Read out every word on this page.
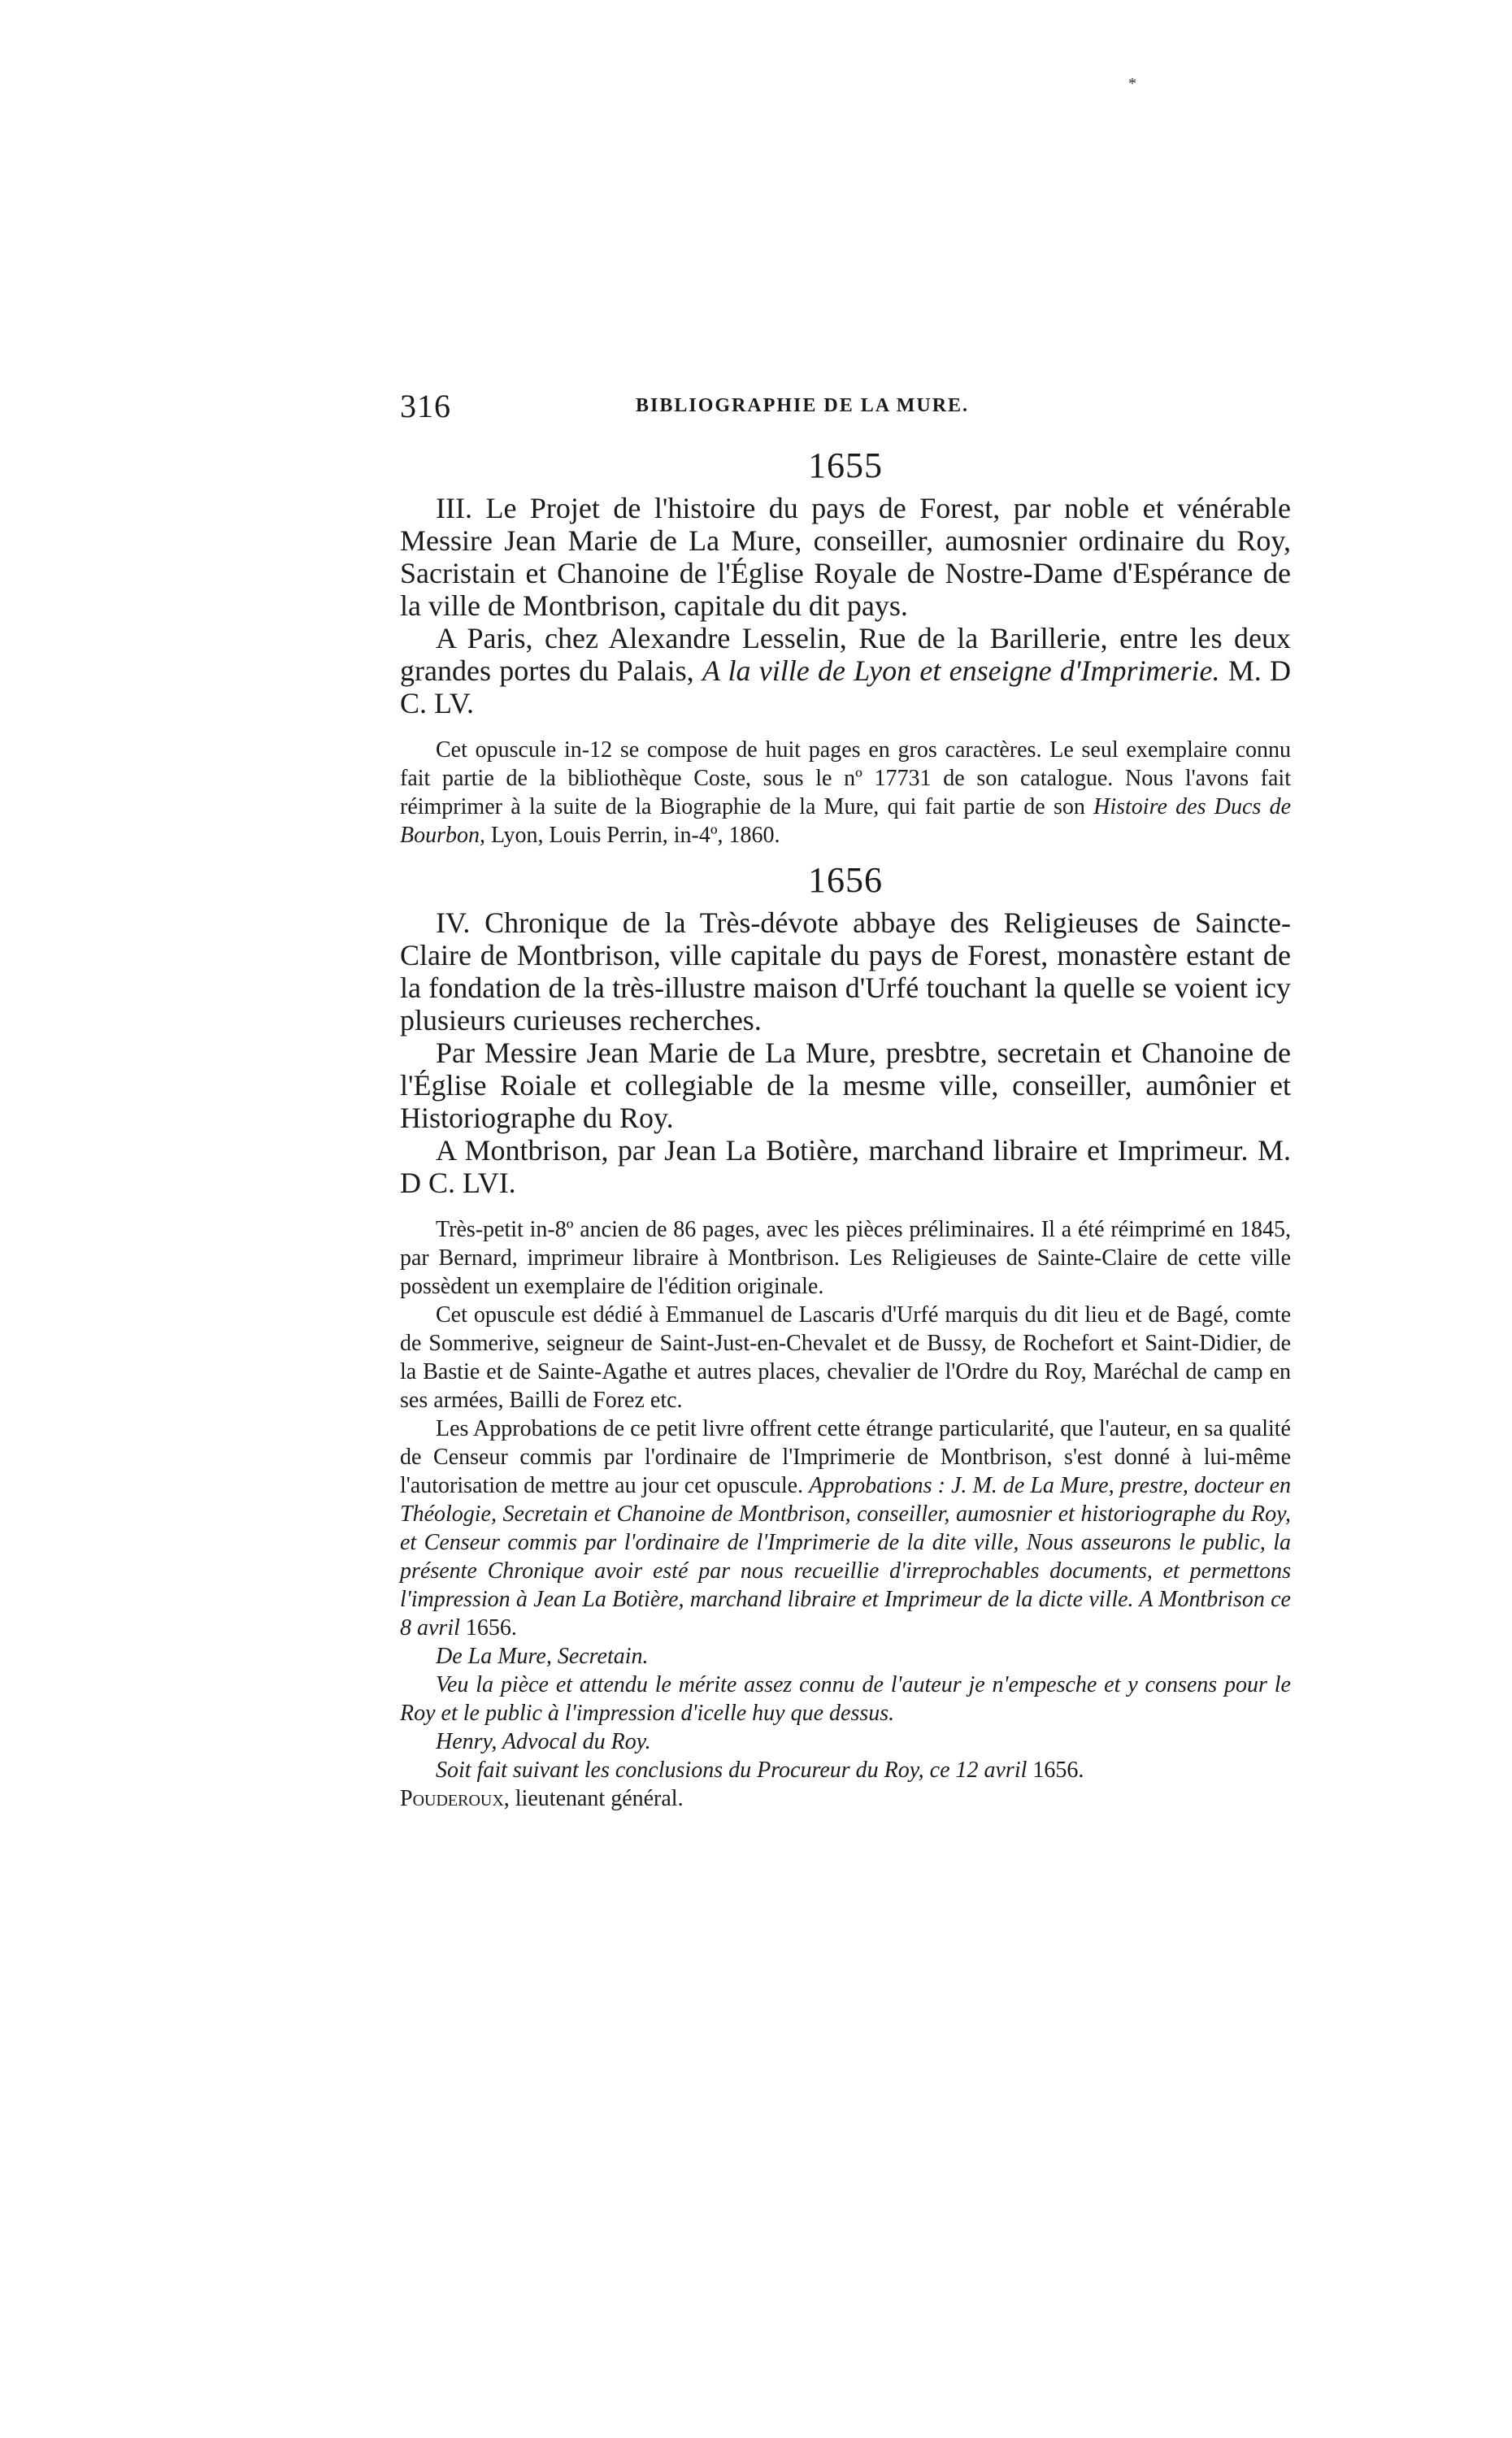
*
316	BIBLIOGRAPHIE DE LA MURE.
1655

III. Le Projet de l'histoire du pays de Forest, par noble et vénérable Messire Jean Marie de La Mure, conseiller, aumosnier ordinaire du Roy, Sacristain et Chanoine de l'Église Royale de Nostre-Dame d'Espérance de la ville de Montbrison, capitale du dit pays.

A Paris, chez Alexandre Lesselin, Rue de la Barillerie, entre les deux grandes portes du Palais, A la ville de Lyon et enseigne d'Imprimerie. M. D C. LV.

Cet opuscule in-12 se compose de huit pages en gros caractères. Le seul exemplaire connu fait partie de la bibliothèque Coste, sous le nº 17731 de son catalogue. Nous l'avons fait réimprimer à la suite de la Biographie de la Mure, qui fait partie de son Histoire des Ducs de Bourbon, Lyon, Louis Perrin, in-4º, 1860.

1656

IV. Chronique de la Très-dévote abbaye des Religieuses de Saincte-Claire de Montbrison, ville capitale du pays de Forest, monastère estant de la fondation de la très-illustre maison d'Urfé touchant la quelle se voient icy plusieurs curieuses recherches.

Par Messire Jean Marie de La Mure, presbtre, secretain et Chanoine de l'Église Roiale et collegiable de la mesme ville, conseiller, aumônier et Historiographe du Roy.

A Montbrison, par Jean La Botière, marchand libraire et Imprimeur. M. D C. LVI.

Très-petit in-8º ancien de 86 pages, avec les pièces préliminaires. Il a été réimprimé en 1845, par Bernard, imprimeur libraire à Montbrison. Les Religieuses de Sainte-Claire de cette ville possèdent un exemplaire de l'édition originale.

Cet opuscule est dédié à Emmanuel de Lascaris d'Urfé marquis du dit lieu et de Bagé, comte de Sommerive, seigneur de Saint-Just-en-Chevalet et de Bussy, de Rochefort et Saint-Didier, de la Bastie et de Sainte-Agathe et autres places, chevalier de l'Ordre du Roy, Maréchal de camp en ses armées, Bailli de Forez etc.

Les Approbations de ce petit livre offrent cette étrange particularité, que l'auteur, en sa qualité de Censeur commis par l'ordinaire de l'Imprimerie de Montbrison, s'est donné à lui-même l'autorisation de mettre au jour cet opuscule. Approbations : J. M. de La Mure, prestre, docteur en Théologie, Secretain et Chanoine de Montbrison, conseiller, aumosnier et historiographe du Roy, et Censeur commis par l'ordinaire de l'Imprimerie de la dite ville, Nous asseurons le public, la présente Chronique avoir esté par nous recueillie d'irreprochables documents, et permettons l'impression à Jean La Botière, marchand libraire et Imprimeur de la dicte ville. A Montbrison ce 8 avril 1656.

De La Mure, Secretain.

Veu la pièce et attendu le mérite assez connu de l'auteur je n'empesche et y consens pour le Roy et le public à l'impression d'icelle huy que dessus.

Henry, Advocal du Roy.

Soit fait suivant les conclusions du Procureur du Roy, ce 12 avril 1656.

Pouderoux, lieutenant général.
